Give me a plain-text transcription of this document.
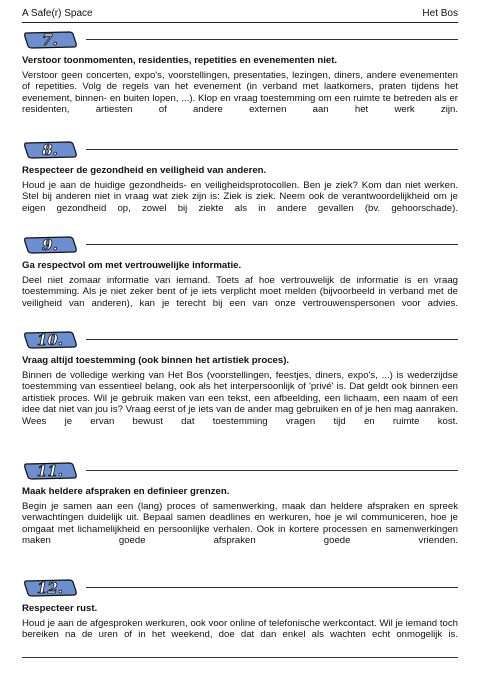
A Safe(r) Space	Het Bos
7.
Verstoor toonmomenten, residenties, repetities en evenementen niet.

Verstoor geen concerten, expo's, voorstellingen, presentaties, lezingen, diners, andere evenementen of repetities. Volg de regels van het evenement (in verband met laatkomers, praten tijdens het evenement, binnen- en buiten lopen, ...). Klop en vraag toestemming om een ruimte te betreden als er residenten, artiesten of andere externen aan het werk zijn.

8.
Respecteer de gezondheid en veiligheid van anderen.

Houd je aan de huidige gezondheids- en veiligheidsprotocollen. Ben je ziek? Kom dan niet werken. Stel bij anderen niet in vraag wat ziek zijn is: Ziek is ziek. Neem ook de verantwoordelijkheid om je eigen gezondheid op, zowel bij ziekte als in andere gevallen (bv. gehoorschade).

9.
Ga respectvol om met vertrouwelijke informatie.

Deel niet zomaar informatie van iemand. Toets af hoe vertrouwelijk de informatie is en vraag toestemming. Als je niet zeker bent of je iets verplicht moet melden (bijvoorbeeld in verband met de veiligheid van anderen), kan je terecht bij een van onze vertrouwenspersonen voor advies.

10.
Vraag altijd toestemming (ook binnen het artistiek proces).

Binnen de volledige werking van Het Bos (voorstellingen, feestjes, diners, expo's, ...) is wederzijdse toestemming van essentieel belang, ook als het interpersoonlijk of 'privé' is. Dat geldt ook binnen een artistiek proces. Wil je gebruik maken van een tekst, een afbeelding, een lichaam, een naam of een idee dat niet van jou is? Vraag eerst of je iets van de ander mag gebruiken en of je hen mag aanraken. Wees je ervan bewust dat toestemming vragen tijd en ruimte kost.

11.
Maak heldere afspraken en definieer grenzen.

Begin je samen aan een (lang) proces of samenwerking, maak dan heldere afspraken en spreek verwachtingen duidelijk uit. Bepaal samen deadlines en werkuren, hoe je wil communiceren, hoe je omgaat met lichamelijkheid en persoonlijke verhalen. Ook in kortere processen en samenwerkingen maken goede afspraken goede vrienden.

12.
Respecteer rust.

Houd je aan de afgesproken werkuren, ook voor online of telefonische werkcontact. Wil je iemand toch bereiken na de uren of in het weekend, doe dat dan enkel als wachten echt onmogelijk is.
